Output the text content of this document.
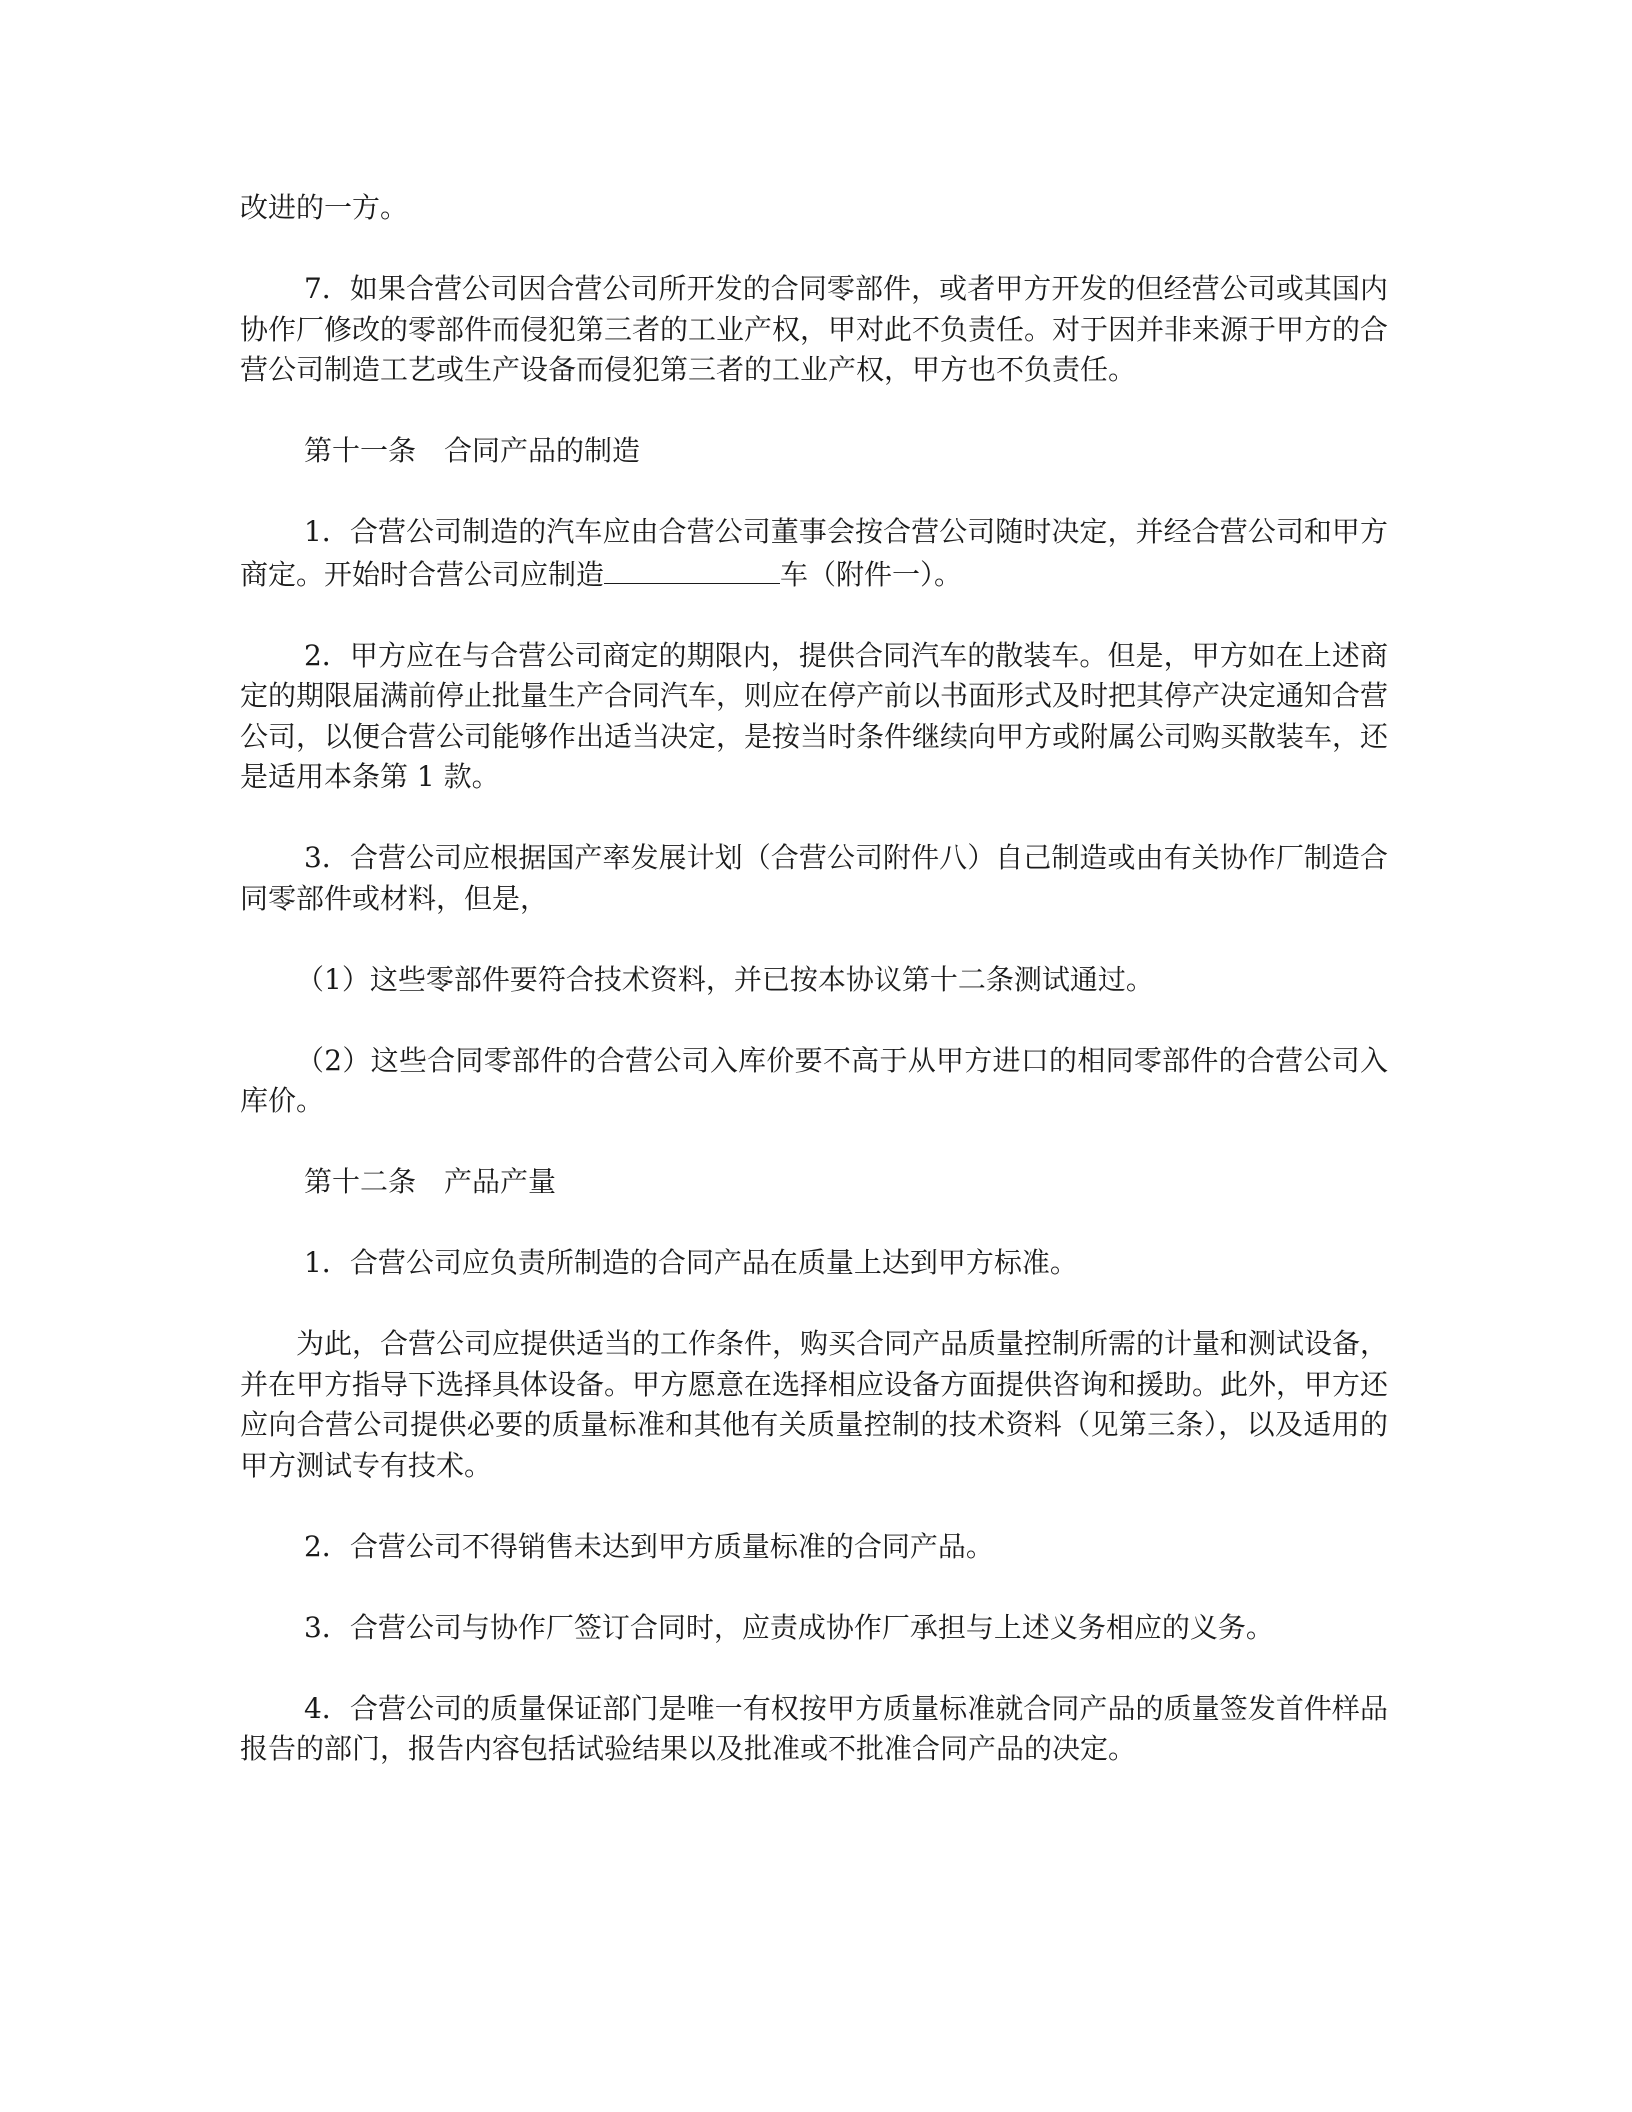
改进的一方。

7．如果合营公司因合营公司所开发的合同零部件，或者甲方开发的但经营公司或其国内协作厂修改的零部件而侵犯第三者的工业产权，甲对此不负责任。对于因并非来源于甲方的合营公司制造工艺或生产设备而侵犯第三者的工业产权，甲方也不负责任。

第十一条　合同产品的制造

1．合营公司制造的汽车应由合营公司董事会按合营公司随时决定，并经合营公司和甲方商定。开始时合营公司应制造	车（附件一）。

2．甲方应在与合营公司商定的期限内，提供合同汽车的散装车。但是，甲方如在上述商定的期限届满前停止批量生产合同汽车，则应在停产前以书面形式及时把其停产决定通知合营公司，以便合营公司能够作出适当决定，是按当时条件继续向甲方或附属公司购买散装车，还是适用本条第 1 款。

3．合营公司应根据国产率发展计划（合营公司附件八）自己制造或由有关协作厂制造合同零部件或材料，但是，

（1）这些零部件要符合技术资料，并已按本协议第十二条测试通过。

（2）这些合同零部件的合营公司入库价要不高于从甲方进口的相同零部件的合营公司入库价。

第十二条　产品产量

1．合营公司应负责所制造的合同产品在质量上达到甲方标准。

为此，合营公司应提供适当的工作条件，购买合同产品质量控制所需的计量和测试设备，并在甲方指导下选择具体设备。甲方愿意在选择相应设备方面提供咨询和援助。此外，甲方还应向合营公司提供必要的质量标准和其他有关质量控制的技术资料（见第三条），以及适用的甲方测试专有技术。

2．合营公司不得销售未达到甲方质量标准的合同产品。

3．合营公司与协作厂签订合同时，应责成协作厂承担与上述义务相应的义务。

4．合营公司的质量保证部门是唯一有权按甲方质量标准就合同产品的质量签发首件样品报告的部门，报告内容包括试验结果以及批准或不批准合同产品的决定。
